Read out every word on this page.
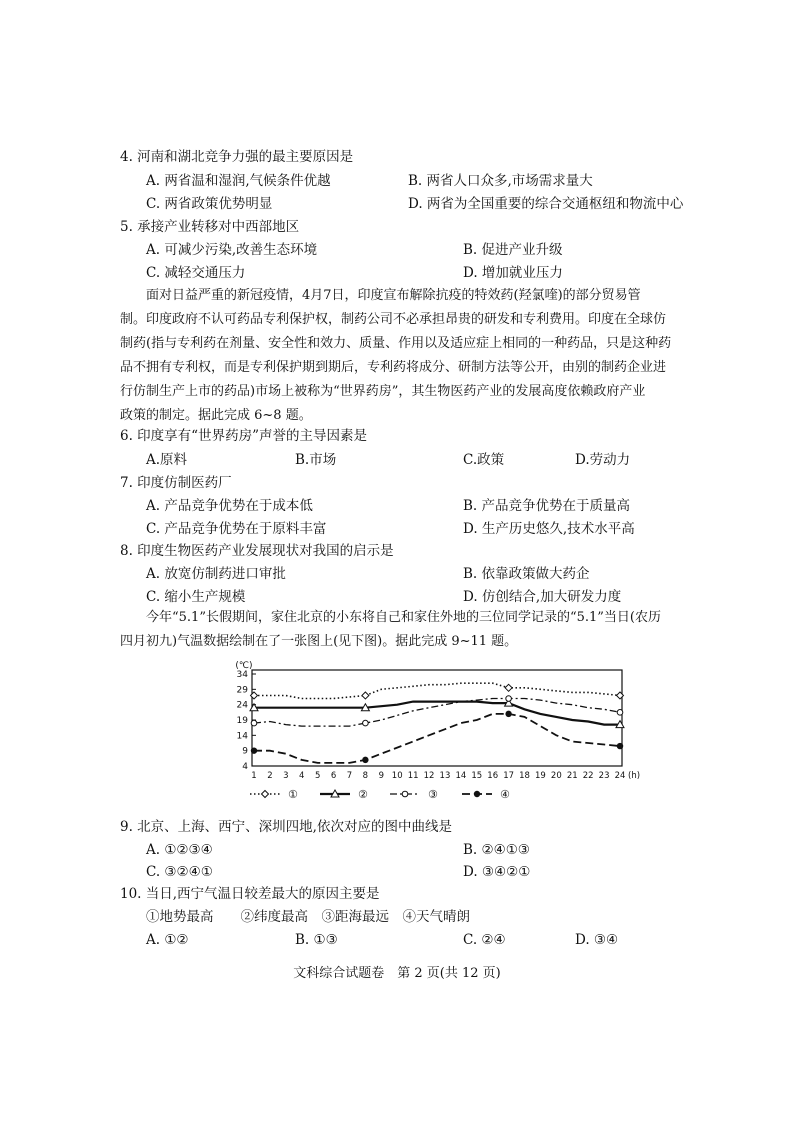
4. 河南和湖北竞争力强的最主要原因是
A. 两省温和湿润,气候条件优越	B. 两省人口众多,市场需求量大
C. 两省政策优势明显	D. 两省为全国重要的综合交通枢纽和物流中心
5. 承接产业转移对中西部地区
A. 可减少污染,改善生态环境	B. 促进产业升级
C. 减轻交通压力	D. 增加就业压力
面对日益严重的新冠疫情，4月7日，印度宣布解除抗疫的特效药(羟氯喹)的部分贸易管
制。印度政府不认可药品专利保护权，制药公司不必承担昂贵的研发和专利费用。印度在全球仿
制药(指与专利药在剂量、安全性和效力、质量、作用以及适应症上相同的一种药品，只是这种药
品不拥有专利权，而是专利保护期到期后，专利药将成分、研制方法等公开，由别的制药企业进
行仿制生产上市的药品)市场上被称为“世界药房”，其生物医药产业的发展高度依赖政府产业
政策的制定。据此完成 6~8 题。
6. 印度享有“世界药房”声誉的主导因素是
A.原料	B.市场	C.政策	D.劳动力
7. 印度仿制医药厂
A. 产品竞争优势在于成本低	B. 产品竞争优势在于质量高
C. 产品竞争优势在于原料丰富	D. 生产历史悠久,技术水平高
8. 印度生物医药产业发展现状对我国的启示是
A. 放宽仿制药进口审批	B. 依靠政策做大药企
C. 缩小生产规模	D. 仿创结合,加大研发力度
今年“5.1”长假期间，家住北京的小东将自己和家住外地的三位同学记录的“5.1”当日(农历
四月初九)气温数据绘制在了一张图上(见下图)。据此完成 9~11 题。
4
9
14
19
24
29
34
(℃)
1 2 3 4 5 6 7 8 9 10 11 12 13 14 15 16 17 18 19 20 21 22 23 24 (h)
①	②	③	④
9. 北京、上海、西宁、深圳四地,依次对应的图中曲线是
A. ①②③④	B. ②④①③
C. ③②④①	D. ③④②①
10. 当日,西宁气温日较差最大的原因主要是
①地势最高　　②纬度最高　③距海最远　④天气晴朗
A. ①②	B. ①③	C. ②④	D. ③④
文科综合试题卷　第 2 页(共 12 页)
